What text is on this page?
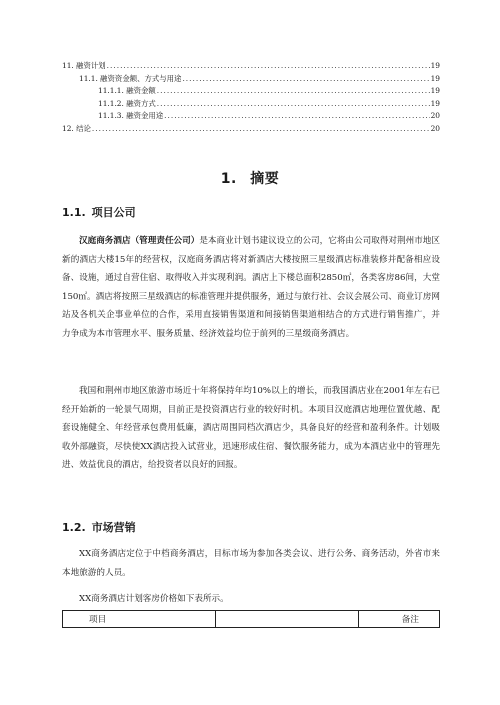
11. 融资计划 .....	19
11.1. 融资资金额、方式与用途 .....	19
11.1.1. 融资金额 .....	19
11.1.2. 融资方式 .....	19
11.1.3. 融资金用途 .....	20
12. 结论 .....	20
1. 摘要
1.1. 项目公司
汉庭商务酒店（管理责任公司）是本商业计划书建议设立的公司，它将由公司取得对荆州市地区新的酒店大楼15年的经营权，汉庭商务酒店将对新酒店大楼按照三星级酒店标准装修并配备相应设备、设施，通过自营住宿、取得收入并实现利润。酒店上下楼总面积2850㎡，各类客房86间，大堂150㎡。酒店将按照三星级酒店的标准管理并提供服务，通过与旅行社、会议会展公司、商业订房网站及各机关企事业单位的合作，采用直接销售渠道和间接销售渠道相结合的方式进行销售推广，并力争成为本市管理水平、服务质量、经济效益均位于前列的三星级商务酒店。
我国和荆州市地区旅游市场近十年将保持年均10%以上的增长，而我国酒店业在2001年左右已经开始新的一轮景气周期，目前正是投资酒店行业的较好时机。本项目汉庭酒店地理位置优越、配套设施健全、年经营承包费用低廉，酒店周围同档次酒店少，具备良好的经营和盈利条件。计划吸收外部融资，尽快使XX酒店投入试营业，迅速形成住宿、餐饮服务能力，成为本酒店业中的管理先进、效益优良的酒店，给投资者以良好的回报。
1.2. 市场营销
XX商务酒店定位于中档商务酒店，目标市场为参加各类会议、进行公务、商务活动，外省市来本地旅游的人员。
XX商务酒店计划客房价格如下表所示。
项目		备注
